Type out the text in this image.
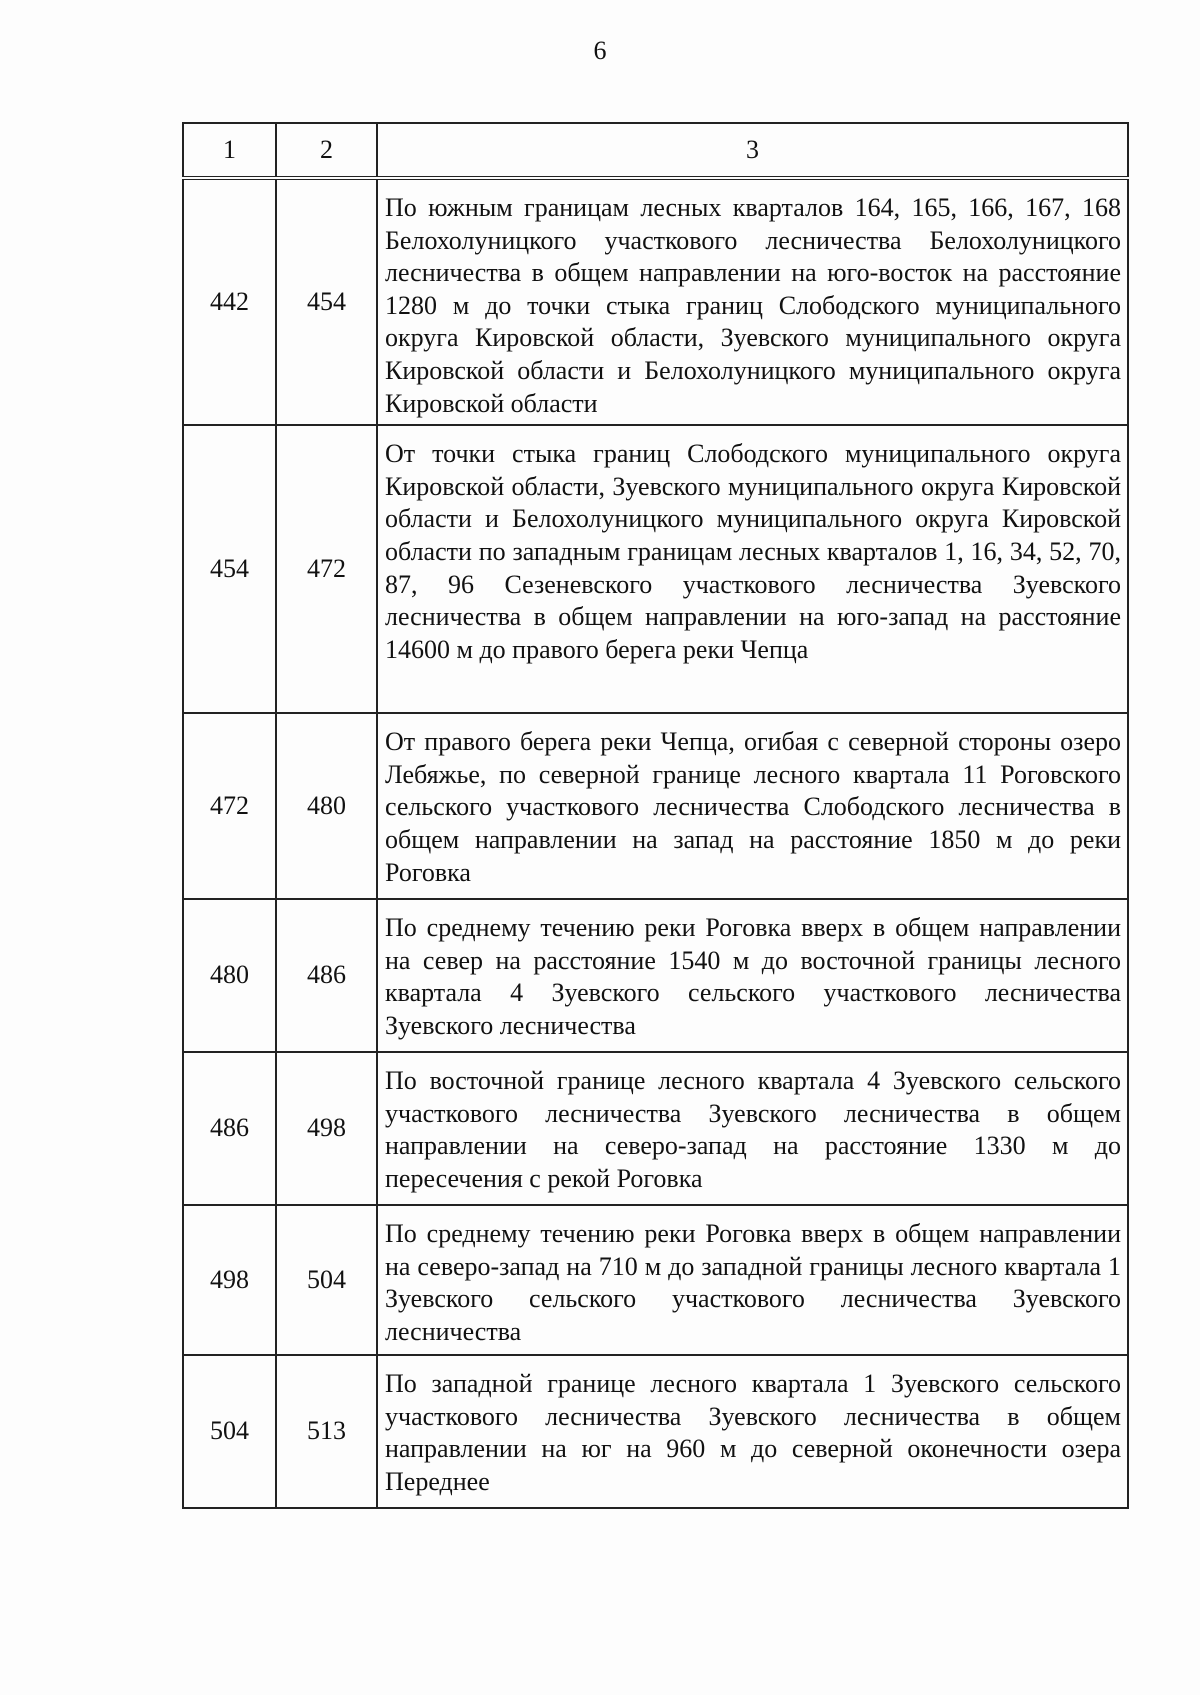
6
1	2	3
442	454	По южным границам лесных кварталов 164, 165, 166, 167, 168 Белохолуницкого участкового лесничества Белохолуницкого лесничества в общем направлении на юго-восток на расстояние 1280 м до точки стыка границ Слободского муниципального округа Кировской области, Зуевского муниципального округа Кировской области и Белохолуницкого муниципального округа Кировской области
454	472	От точки стыка границ Слободского муниципального округа Кировской области, Зуевского муниципального округа Кировской области и Белохолуницкого муниципального округа Кировской области по западным границам лесных кварталов 1, 16, 34, 52, 70, 87, 96 Сезеневского участкового лесничества Зуевского лесничества в общем направлении на юго-запад на расстояние 14600 м до правого берега реки Чепца
472	480	От правого берега реки Чепца, огибая с северной стороны озеро Лебяжье, по северной границе лесного квартала 11 Роговского сельского участкового лесничества Слободского лесничества в общем направлении на запад на расстояние 1850 м до реки Роговка
480	486	По среднему течению реки Роговка вверх в общем направлении на север на расстояние 1540 м до восточной границы лесного квартала 4 Зуевского сельского участкового лесничества Зуевского лесничества
486	498	По восточной границе лесного квартала 4 Зуевского сельского участкового лесничества Зуевского лесничества в общем направлении на северо-запад на расстояние 1330 м до пересечения с рекой Роговка
498	504	По среднему течению реки Роговка вверх в общем направлении на северо-запад на 710 м до западной границы лесного квартала 1 Зуевского сельского участкового лесничества Зуевского лесничества
504	513	По западной границе лесного квартала 1 Зуевского сельского участкового лесничества Зуевского лесничества в общем направлении на юг на 960 м до северной оконечности озера Переднее
